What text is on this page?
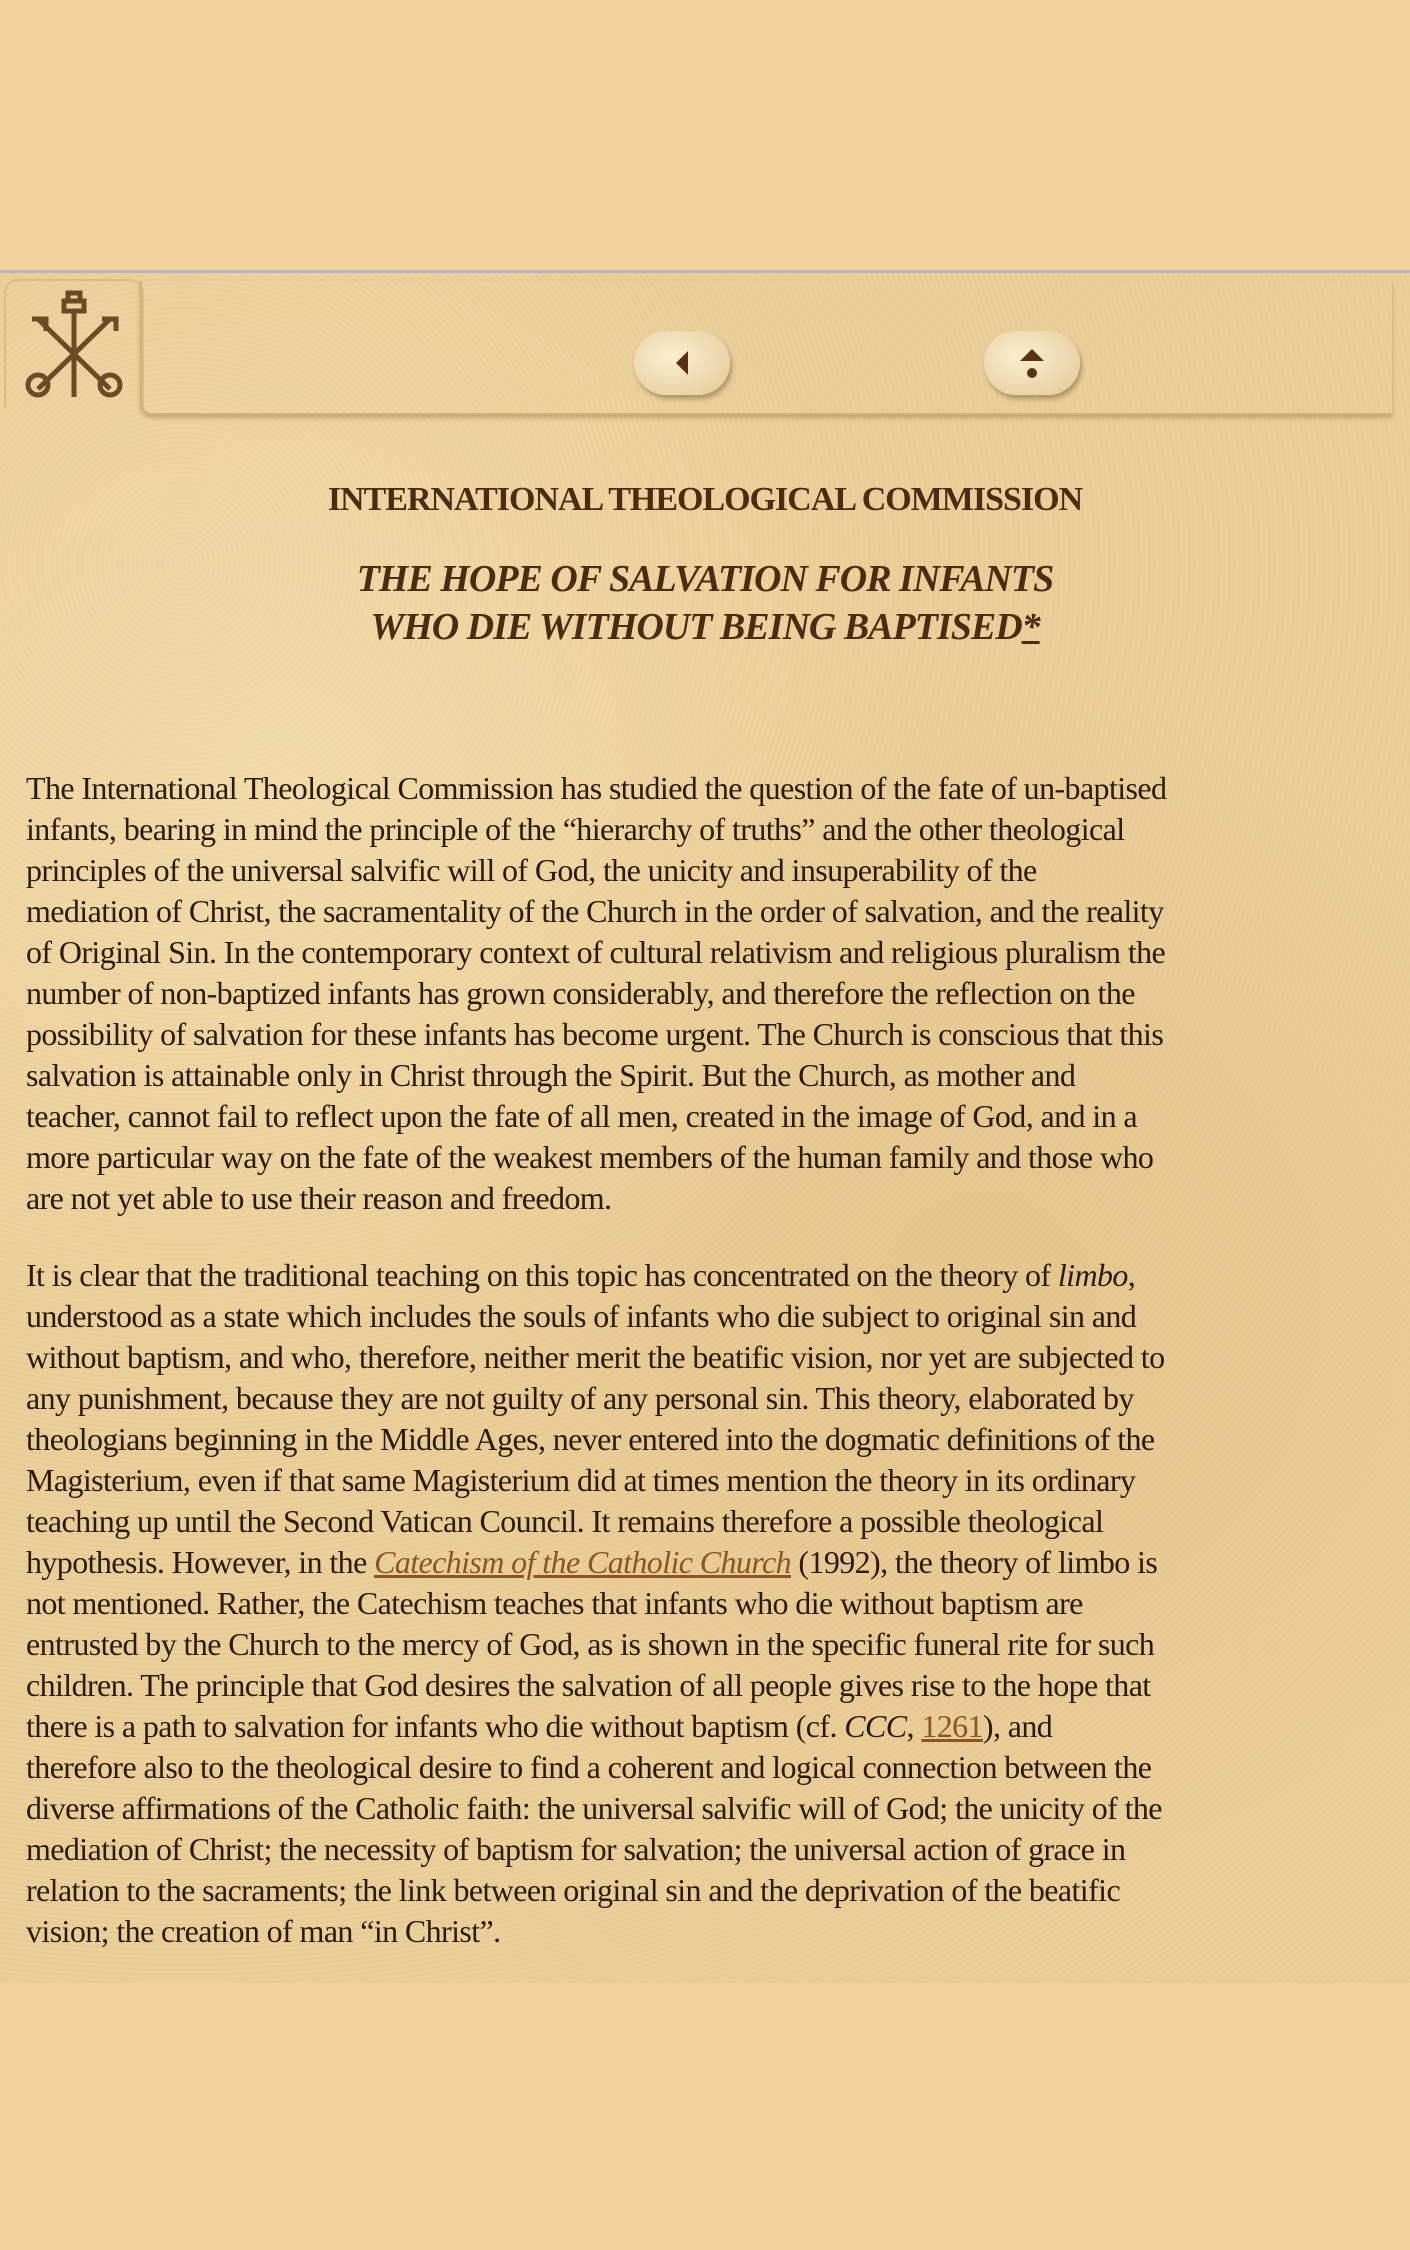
INTERNATIONAL THEOLOGICAL COMMISSION
THE HOPE OF SALVATION FOR INFANTS
WHO DIE WITHOUT BEING BAPTISED*
The International Theological Commission has studied the question of the fate of un-baptised
infants, bearing in mind the principle of the “hierarchy of truths” and the other theological
principles of the universal salvific will of God, the unicity and insuperability of the
mediation of Christ, the sacramentality of the Church in the order of salvation, and the reality
of Original Sin. In the contemporary context of cultural relativism and religious pluralism the
number of non-baptized infants has grown considerably, and therefore the reflection on the
possibility of salvation for these infants has become urgent. The Church is conscious that this
salvation is attainable only in Christ through the Spirit. But the Church, as mother and
teacher, cannot fail to reflect upon the fate of all men, created in the image of God, and in a
more particular way on the fate of the weakest members of the human family and those who
are not yet able to use their reason and freedom.
It is clear that the traditional teaching on this topic has concentrated on the theory of limbo,
understood as a state which includes the souls of infants who die subject to original sin and
without baptism, and who, therefore, neither merit the beatific vision, nor yet are subjected to
any punishment, because they are not guilty of any personal sin. This theory, elaborated by
theologians beginning in the Middle Ages, never entered into the dogmatic definitions of the
Magisterium, even if that same Magisterium did at times mention the theory in its ordinary
teaching up until the Second Vatican Council. It remains therefore a possible theological
hypothesis. However, in the Catechism of the Catholic Church (1992), the theory of limbo is
not mentioned. Rather, the Catechism teaches that infants who die without baptism are
entrusted by the Church to the mercy of God, as is shown in the specific funeral rite for such
children. The principle that God desires the salvation of all people gives rise to the hope that
there is a path to salvation for infants who die without baptism (cf. CCC, 1261), and
therefore also to the theological desire to find a coherent and logical connection between the
diverse affirmations of the Catholic faith: the universal salvific will of God; the unicity of the
mediation of Christ; the necessity of baptism for salvation; the universal action of grace in
relation to the sacraments; the link between original sin and the deprivation of the beatific
vision; the creation of man “in Christ”.
